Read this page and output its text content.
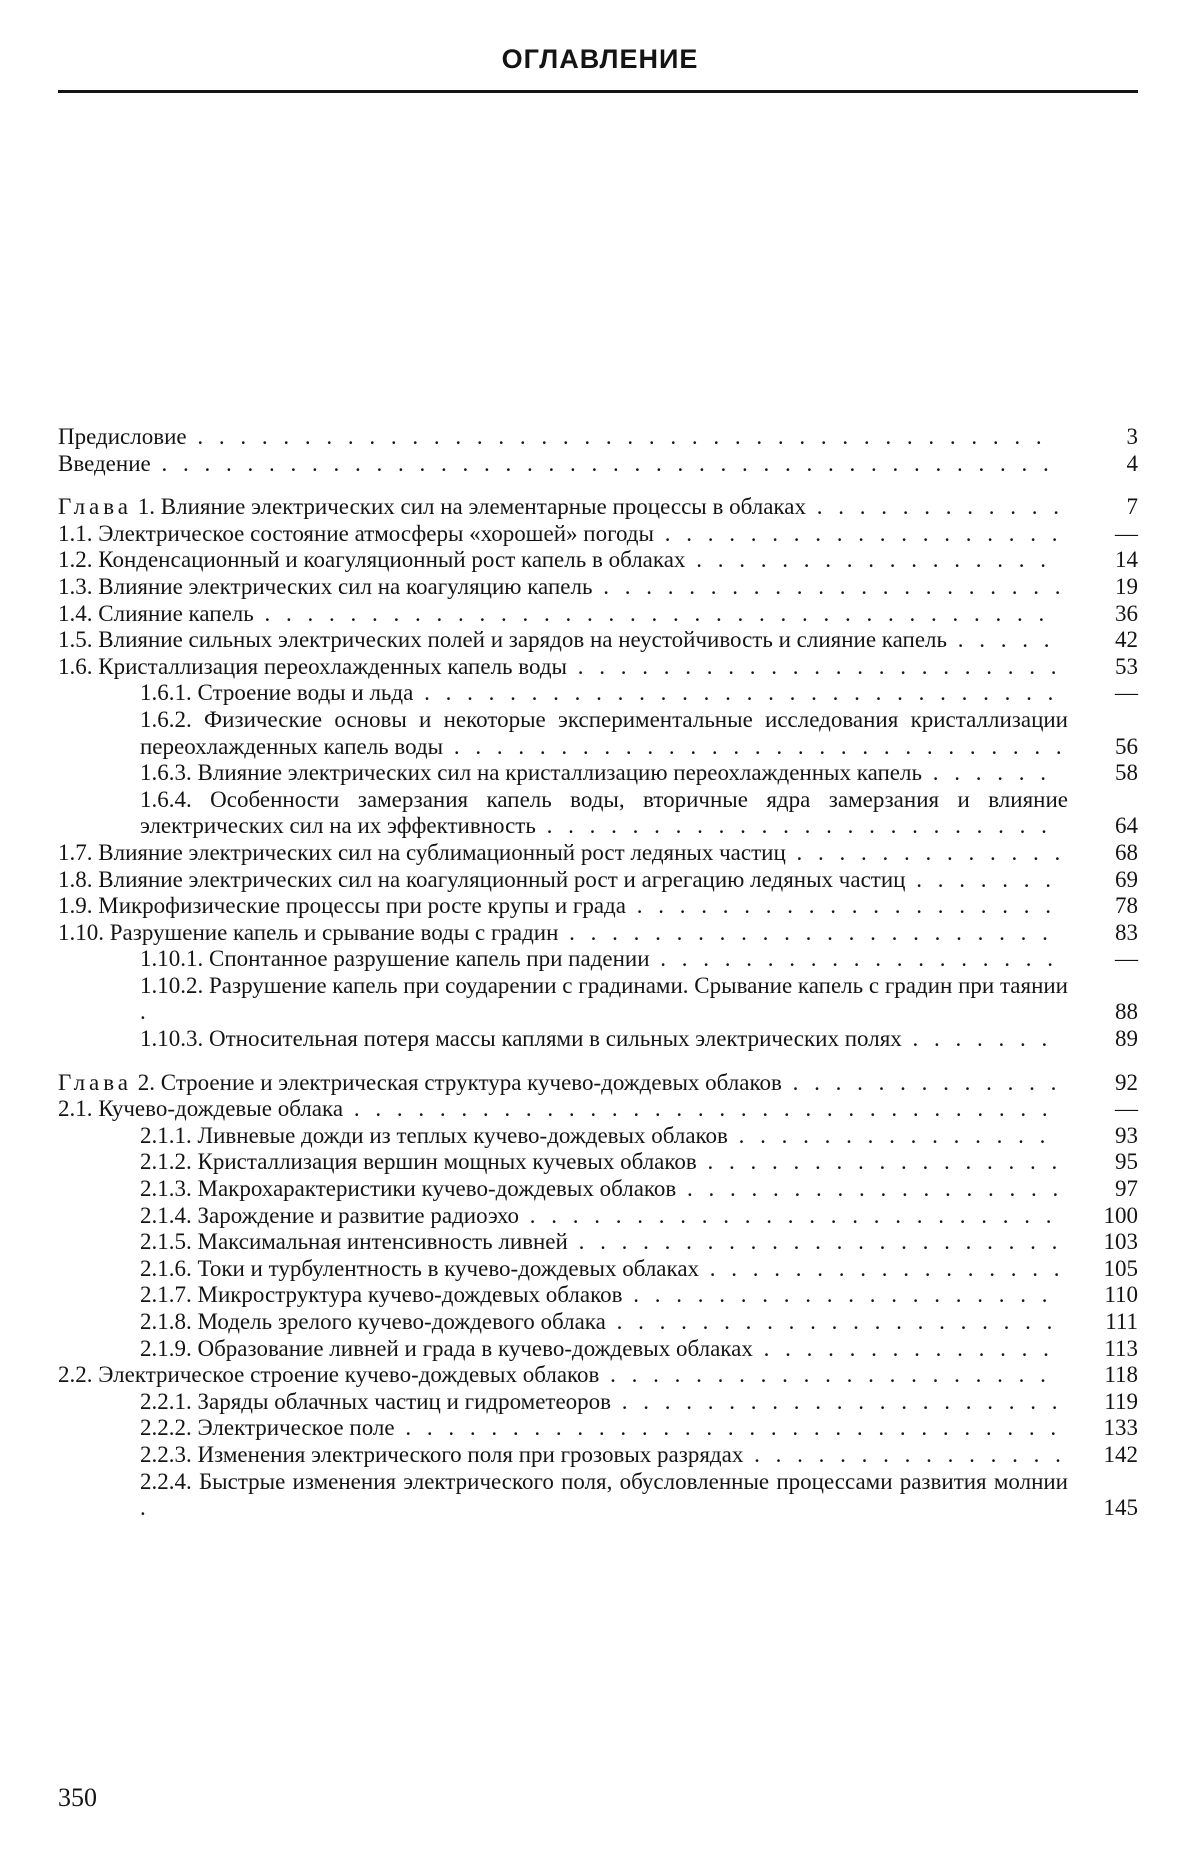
ОГЛАВЛЕНИЕ
Предисловие . . . . . . . . . . . . . . . . . . . . . . . . . . . . . . . . . . . . . . . .	3
Введение . . . . . . . . . . . . . . . . . . . . . . . . . . . . . . . . . . . . . . . . . .	4
Глава 1. Влияние электрических сил на элементарные процессы в облаках . . . . . . . . . . . .	7
1.1. Электрическое состояние атмосферы «хорошей» погоды . . . . . . . . . . . . . . . . . . .	—
1.2. Конденсационный и коагуляционный рост капель в облаках . . . . . . . . . . . . . . . . .	14
1.3. Влияние электрических сил на коагуляцию капель . . . . . . . . . . . . . . . . . . . . . .	19
1.4. Слияние капель . . . . . . . . . . . . . . . . . . . . . . . . . . . . . . . . . . . . .	36
1.5. Влияние сильных электрических полей и зарядов на неустойчивость и слияние капель . . . . .	42
1.6. Кристаллизация переохлажденных капель воды . . . . . . . . . . . . . . . . . . . . . . .	53
1.6.1. Строение воды и льда . . . . . . . . . . . . . . . . . . . . . . . . . . . . . .	—
1.6.2. Физические основы и некоторые экспериментальные исследования кристаллизации переохлажденных капель воды . . . . . . . . . . . . . . . . . . . . . . . . . . . . .	56
1.6.3. Влияние электрических сил на кристаллизацию переохлажденных капель . . . . . .	58
1.6.4. Особенности замерзания капель воды, вторичные ядра замерзания и влияние электрических сил на их эффективность . . . . . . . . . . . . . . . . . . . . . . . .	64
1.7. Влияние электрических сил на сублимационный рост ледяных частиц . . . . . . . . . . . . .	68
1.8. Влияние электрических сил на коагуляционный рост и агрегацию ледяных частиц . . . . . . .	69
1.9. Микрофизические процессы при росте крупы и града . . . . . . . . . . . . . . . . . . . .	78
1.10. Разрушение капель и срывание воды с градин . . . . . . . . . . . . . . . . . . . . . . .	83
1.10.1. Спонтанное разрушение капель при падении . . . . . . . . . . . . . . . . . . .	—
1.10.2. Разрушение капель при соударении с градинами. Срывание капель с градин при таянии .	88
1.10.3. Относительная потеря массы каплями в сильных электрических полях . . . . . . .	89
Глава 2. Строение и электрическая структура кучево-дождевых облаков . . . . . . . . . . . . .	92
2.1. Кучево-дождевые облака . . . . . . . . . . . . . . . . . . . . . . . . . . . . . . . . .	—
2.1.1. Ливневые дожди из теплых кучево-дождевых облаков . . . . . . . . . . . . . . .	93
2.1.2. Кристаллизация вершин мощных кучевых облаков . . . . . . . . . . . . . . . . .	95
2.1.3. Макрохарактеристики кучево-дождевых облаков . . . . . . . . . . . . . . . . . .	97
2.1.4. Зарождение и развитие радиоэхо . . . . . . . . . . . . . . . . . . . . . . . . .	100
2.1.5. Максимальная интенсивность ливней . . . . . . . . . . . . . . . . . . . . . . .	103
2.1.6. Токи и турбулентность в кучево-дождевых облаках . . . . . . . . . . . . . . . . .	105
2.1.7. Микроструктура кучево-дождевых облаков . . . . . . . . . . . . . . . . . . . .	110
2.1.8. Модель зрелого кучево-дождевого облака . . . . . . . . . . . . . . . . . . . . .	111
2.1.9. Образование ливней и града в кучево-дождевых облаках . . . . . . . . . . . . . .	113
2.2. Электрическое строение кучево-дождевых облаков . . . . . . . . . . . . . . . . . . . . .	118
2.2.1. Заряды облачных частиц и гидрометеоров . . . . . . . . . . . . . . . . . . . . .	119
2.2.2. Электрическое поле . . . . . . . . . . . . . . . . . . . . . . . . . . . . . . .	133
2.2.3. Изменения электрического поля при грозовых разрядах . . . . . . . . . . . . . . .	142
2.2.4. Быстрые изменения электрического поля, обусловленные процессами развития молнии .	145
350
